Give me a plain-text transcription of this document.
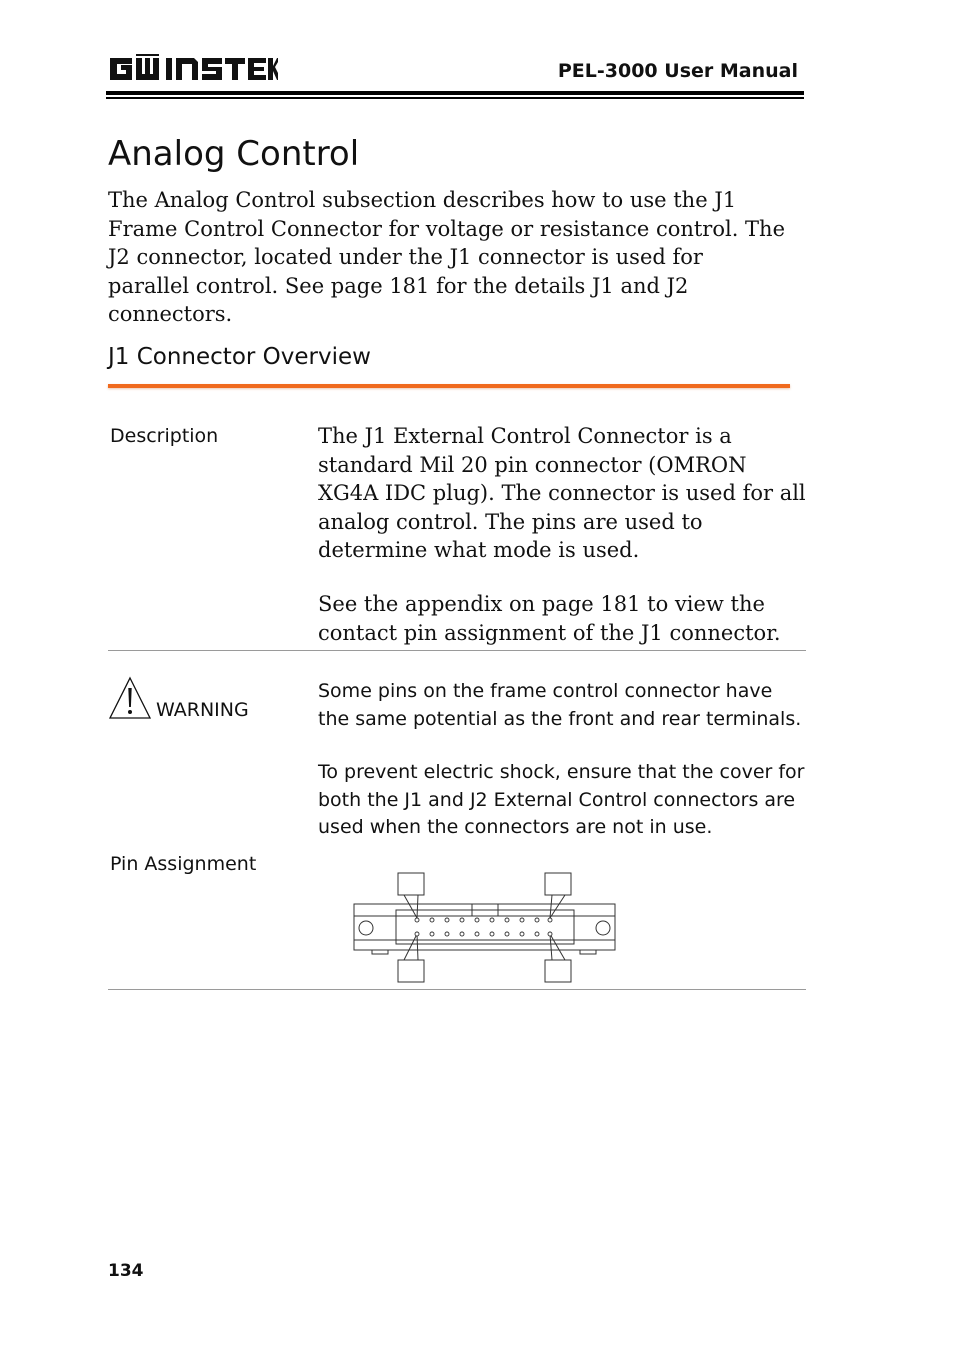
PEL-3000 User Manual
Analog Control

The Analog Control subsection describes how to use the J1 Frame Control Connector for voltage or resistance control. The J2 connector, located under the J1 connector is used for parallel control. See page 181 for the details J1 and J2 connectors.

J1 Connector Overview
Description	The J1 External Control Connector is a standard Mil 20 pin connector (OMRON XG4A IDC plug). The connector is used for all analog control. The pins are used to determine what mode is used.

See the appendix on page 181 to view the contact pin assignment of the J1 connector.

WARNING

Some pins on the frame control connector have the same potential as the front and rear terminals.

To prevent electric shock, ensure that the cover for both the J1 and J2 External Control connectors are used when the connectors are not in use.

Pin Assignment
134
